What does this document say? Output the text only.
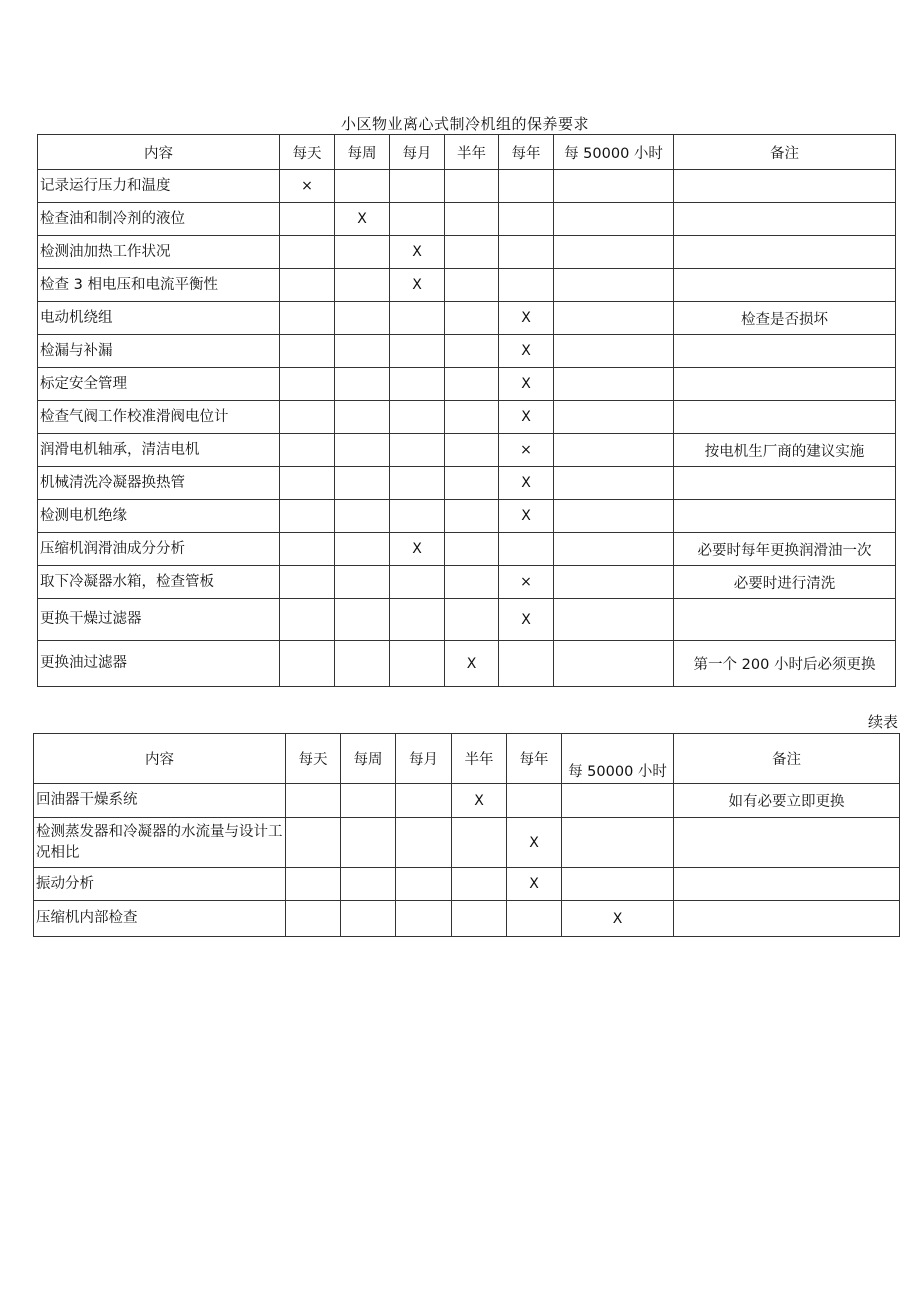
小区物业离心式制冷机组的保养要求
内容	每天	每周	每月	半年	每年	每 50000 小时	备注
记录运行压力和温度	×						
检查油和制冷剂的液位		X					
检测油加热工作状况			X				
检查 3 相电压和电流平衡性			X				
电动机绕组					X		检查是否损坏
检漏与补漏					X		
标定安全管理					X		
检查气阀工作校准滑阀电位计					X		
润滑电机轴承，清洁电机					×		按电机生厂商的建议实施
机械清洗冷凝器换热管					X		
检测电机绝缘					X		
压缩机润滑油成分分析			X				必要时每年更换润滑油一次
取下冷凝器水箱，检查管板					×		必要时进行清洗
更换干燥过滤器					X		
更换油过滤器				X			第一个 200 小时后必须更换
续表
内容	每天	每周	每月	半年	每年	每 50000 小时	备注
回油器干燥系统				X			如有必要立即更换
检测蒸发器和冷凝器的水流量与设计工况相比					X		
振动分析					X		
压缩机内部检查						X	
